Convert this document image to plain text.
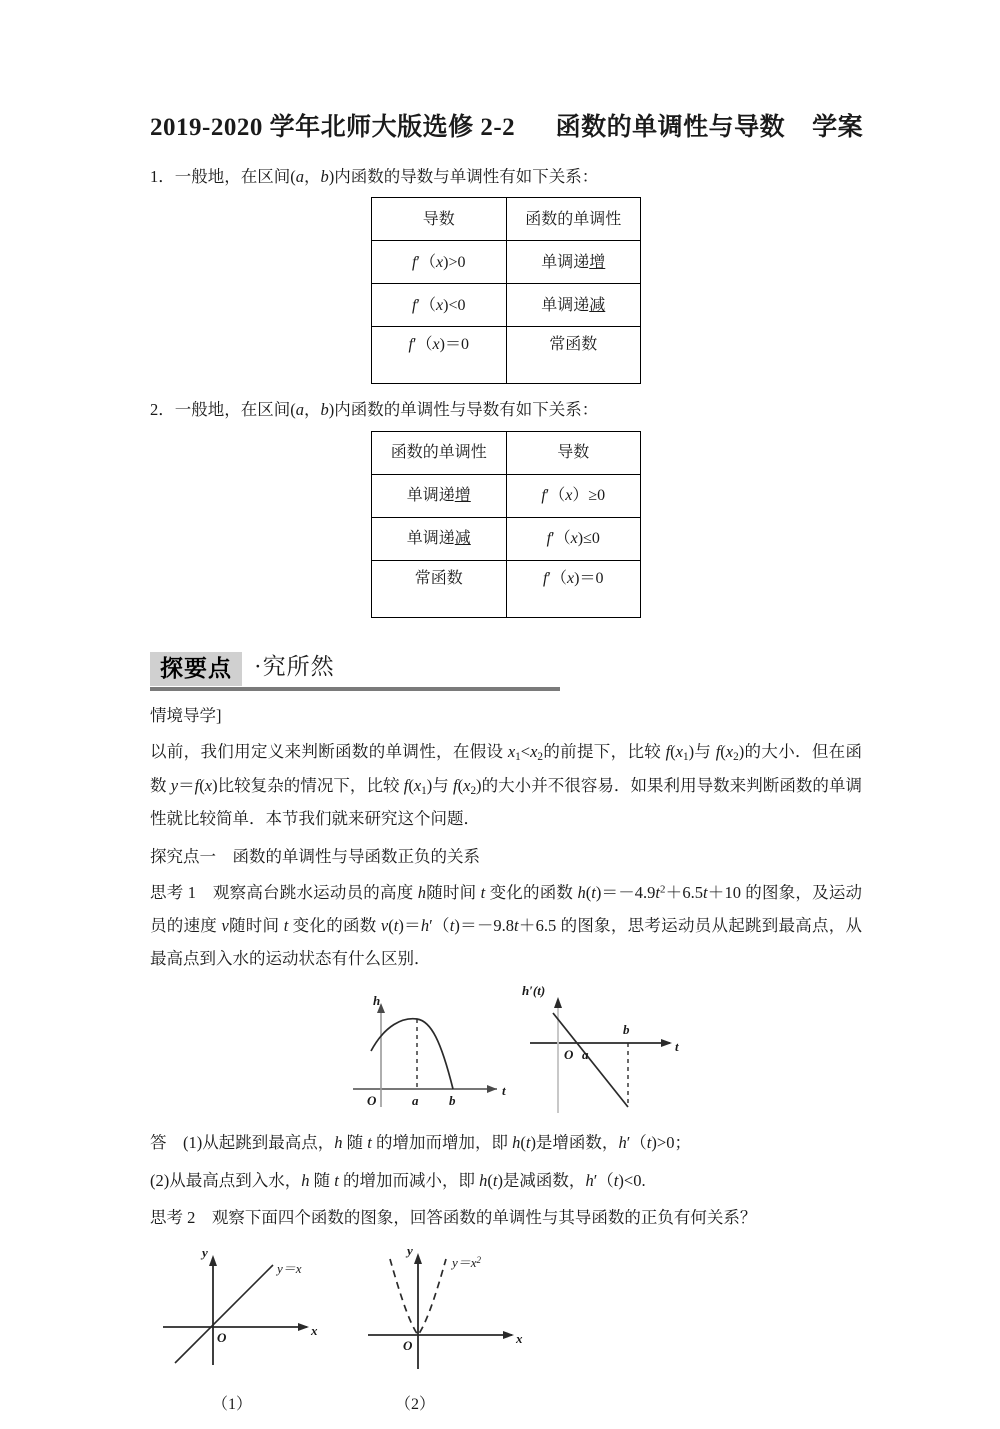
2019-2020 学年北师大版选修 2-2      函数的单调性与导数    学案
1．一般地，在区间(a，b)内函数的导数与单调性有如下关系：
导数	函数的单调性
f′（x)>0	单调递增
f′（x)<0	单调递减
f′（x)＝0	常函数
2．一般地，在区间(a，b)内函数的单调性与导数有如下关系：
函数的单调性	导数
单调递增	f′（x）≥0
单调递减	f′（x)≤0
常函数	f′（x)＝0
探要点 ·究所然
情境导学]
以前，我们用定义来判断函数的单调性，在假设 $x_1<x_2$的前提下，比较 $f(x_1)$与 $f(x_2)$的大小．但在函数 y＝f(x)比较复杂的情况下，比较 $f(x_1)$与 $f(x_2)$的大小并不很容易．如果利用导数来判断函数的单调性就比较简单．本节我们就来研究这个问题．
探究点一　函数的单调性与导函数正负的关系
思考 1　观察高台跳水运动员的高度 h随时间 t 变化的函数 $h(t)=-4.9t^2+6.5t+10$ 的图象，及运动员的速度 v随时间 t 变化的函数 v(t)＝h′（t)＝－9.8t＋6.5 的图象，思考运动员从起跳到最高点，从最高点到入水的运动状态有什么区别．
h
O	a b
t
h′(t)
O a
b
t
答　(1)从起跳到最高点，h 随 t 的增加而增加，即 h(t)是增函数，h′（t)>0；
(2)从最高点到入水，h 随 t 的增加而减小，即 h(t)是减函数，h′（t)<0.
思考 2　观察下面四个函数的图象，回答函数的单调性与其导函数的正负有何关系？
y
O	x
y＝x
y
O	x
$y=x^2$
（1）	（2）
